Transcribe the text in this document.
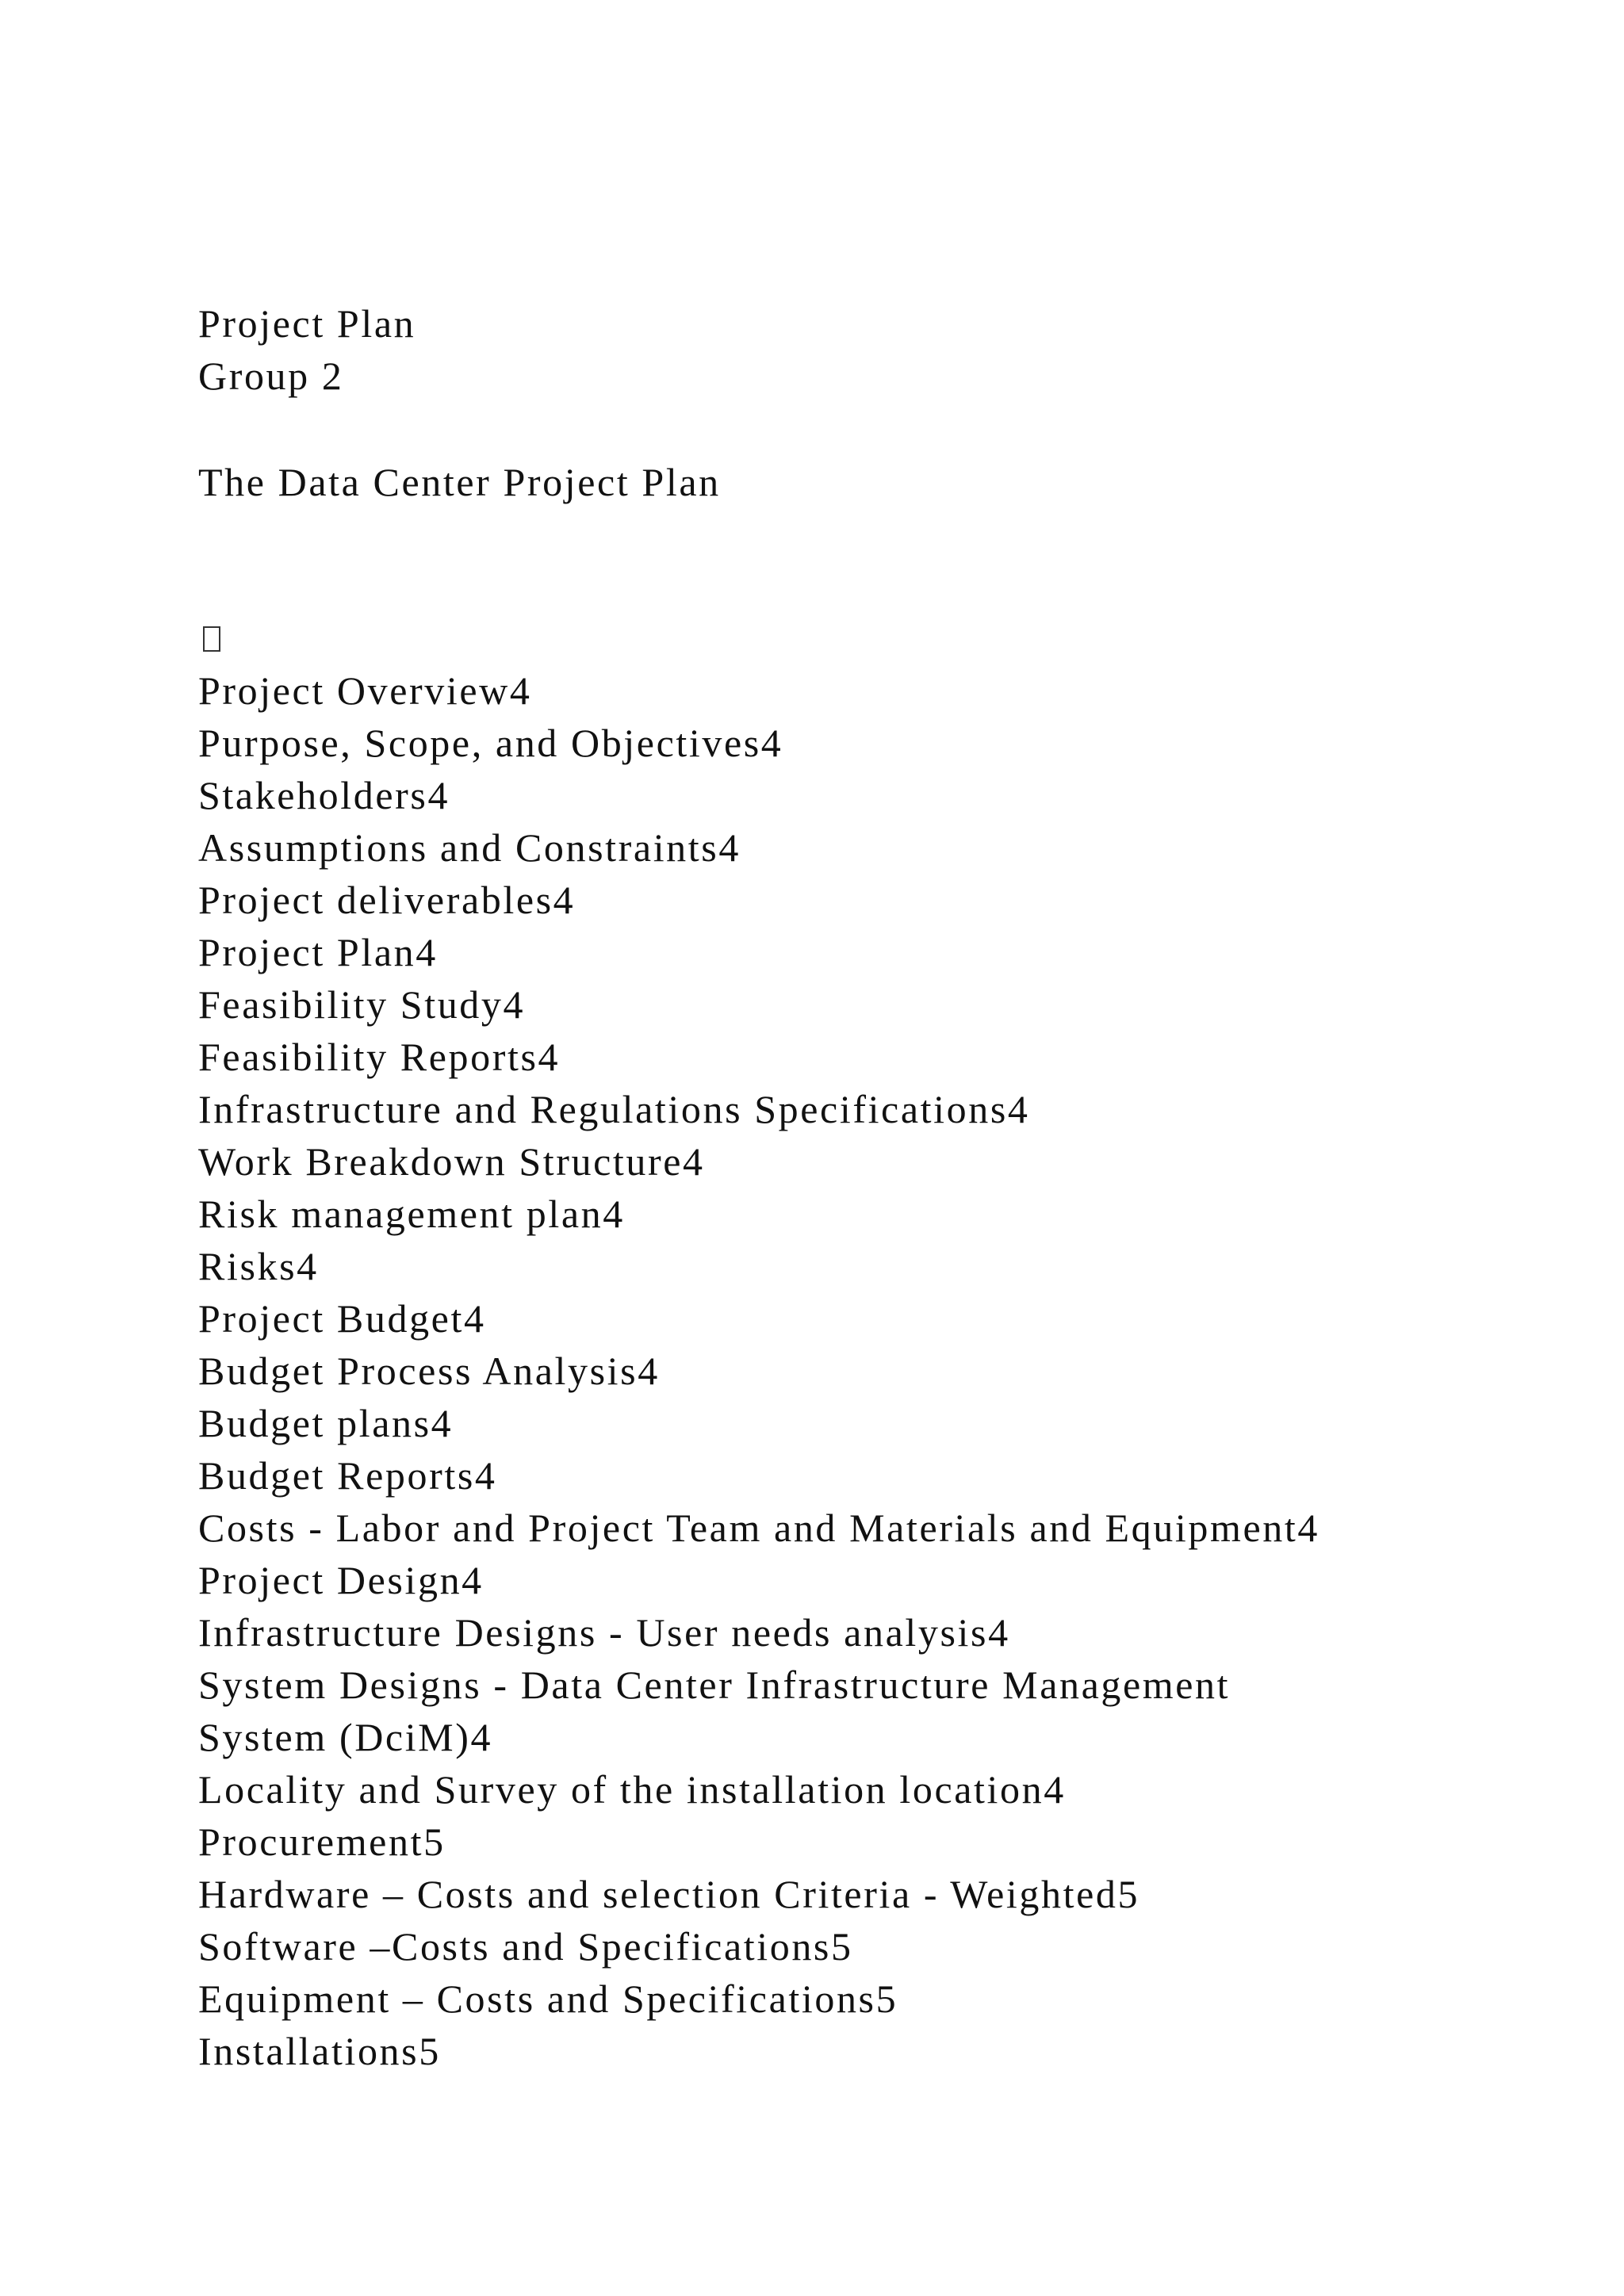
Project Plan
Group 2
The Data Center Project Plan
Project Overview4
Purpose, Scope, and Objectives4
Stakeholders4
Assumptions and Constraints4
Project deliverables4
Project Plan4
Feasibility Study4
Feasibility Reports4
Infrastructure and Regulations Specifications4
Work Breakdown Structure4
Risk management plan4
Risks4
Project Budget4
Budget Process Analysis4
Budget plans4
Budget Reports4
Costs - Labor and Project Team and Materials and Equipment4
Project Design4
Infrastructure Designs - User needs analysis4
System Designs - Data Center Infrastructure Management
System (DciM)4
Locality and Survey of the installation location4
Procurement5
Hardware – Costs and selection Criteria - Weighted5
Software –Costs and Specifications5
Equipment – Costs and Specifications5
Installations5
